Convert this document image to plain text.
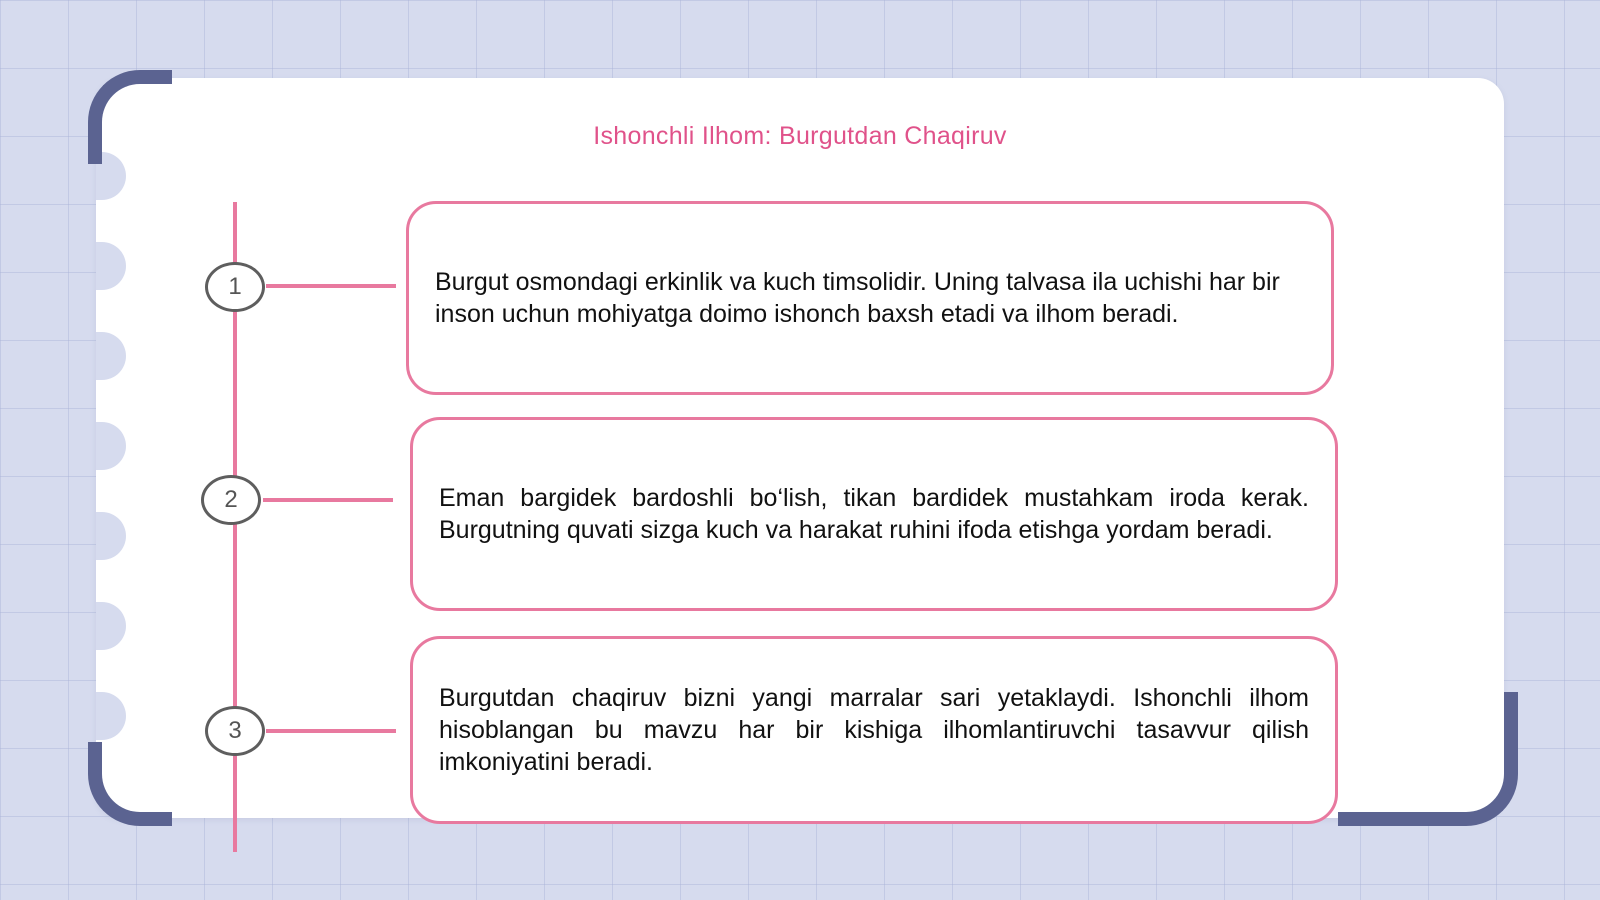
Ishonchli Ilhom: Burgutdan Chaqiruv
1
2
3

Burgut osmondagi erkinlik va kuch timsolidir. Uning talvasa ila uchishi har bir inson uchun mohiyatga doimo ishonch baxsh etadi va ilhom beradi.

Eman bargidek bardoshli bo‘lish, tikan bardidek mustahkam iroda kerak. Burgutning quvati sizga kuch va harakat ruhini ifoda etishga yordam beradi.

Burgutdan chaqiruv bizni yangi marralar sari yetaklaydi. Ishonchli ilhom hisoblangan bu mavzu har bir kishiga ilhomlantiruvchi tasavvur qilish imkoniyatini beradi.
